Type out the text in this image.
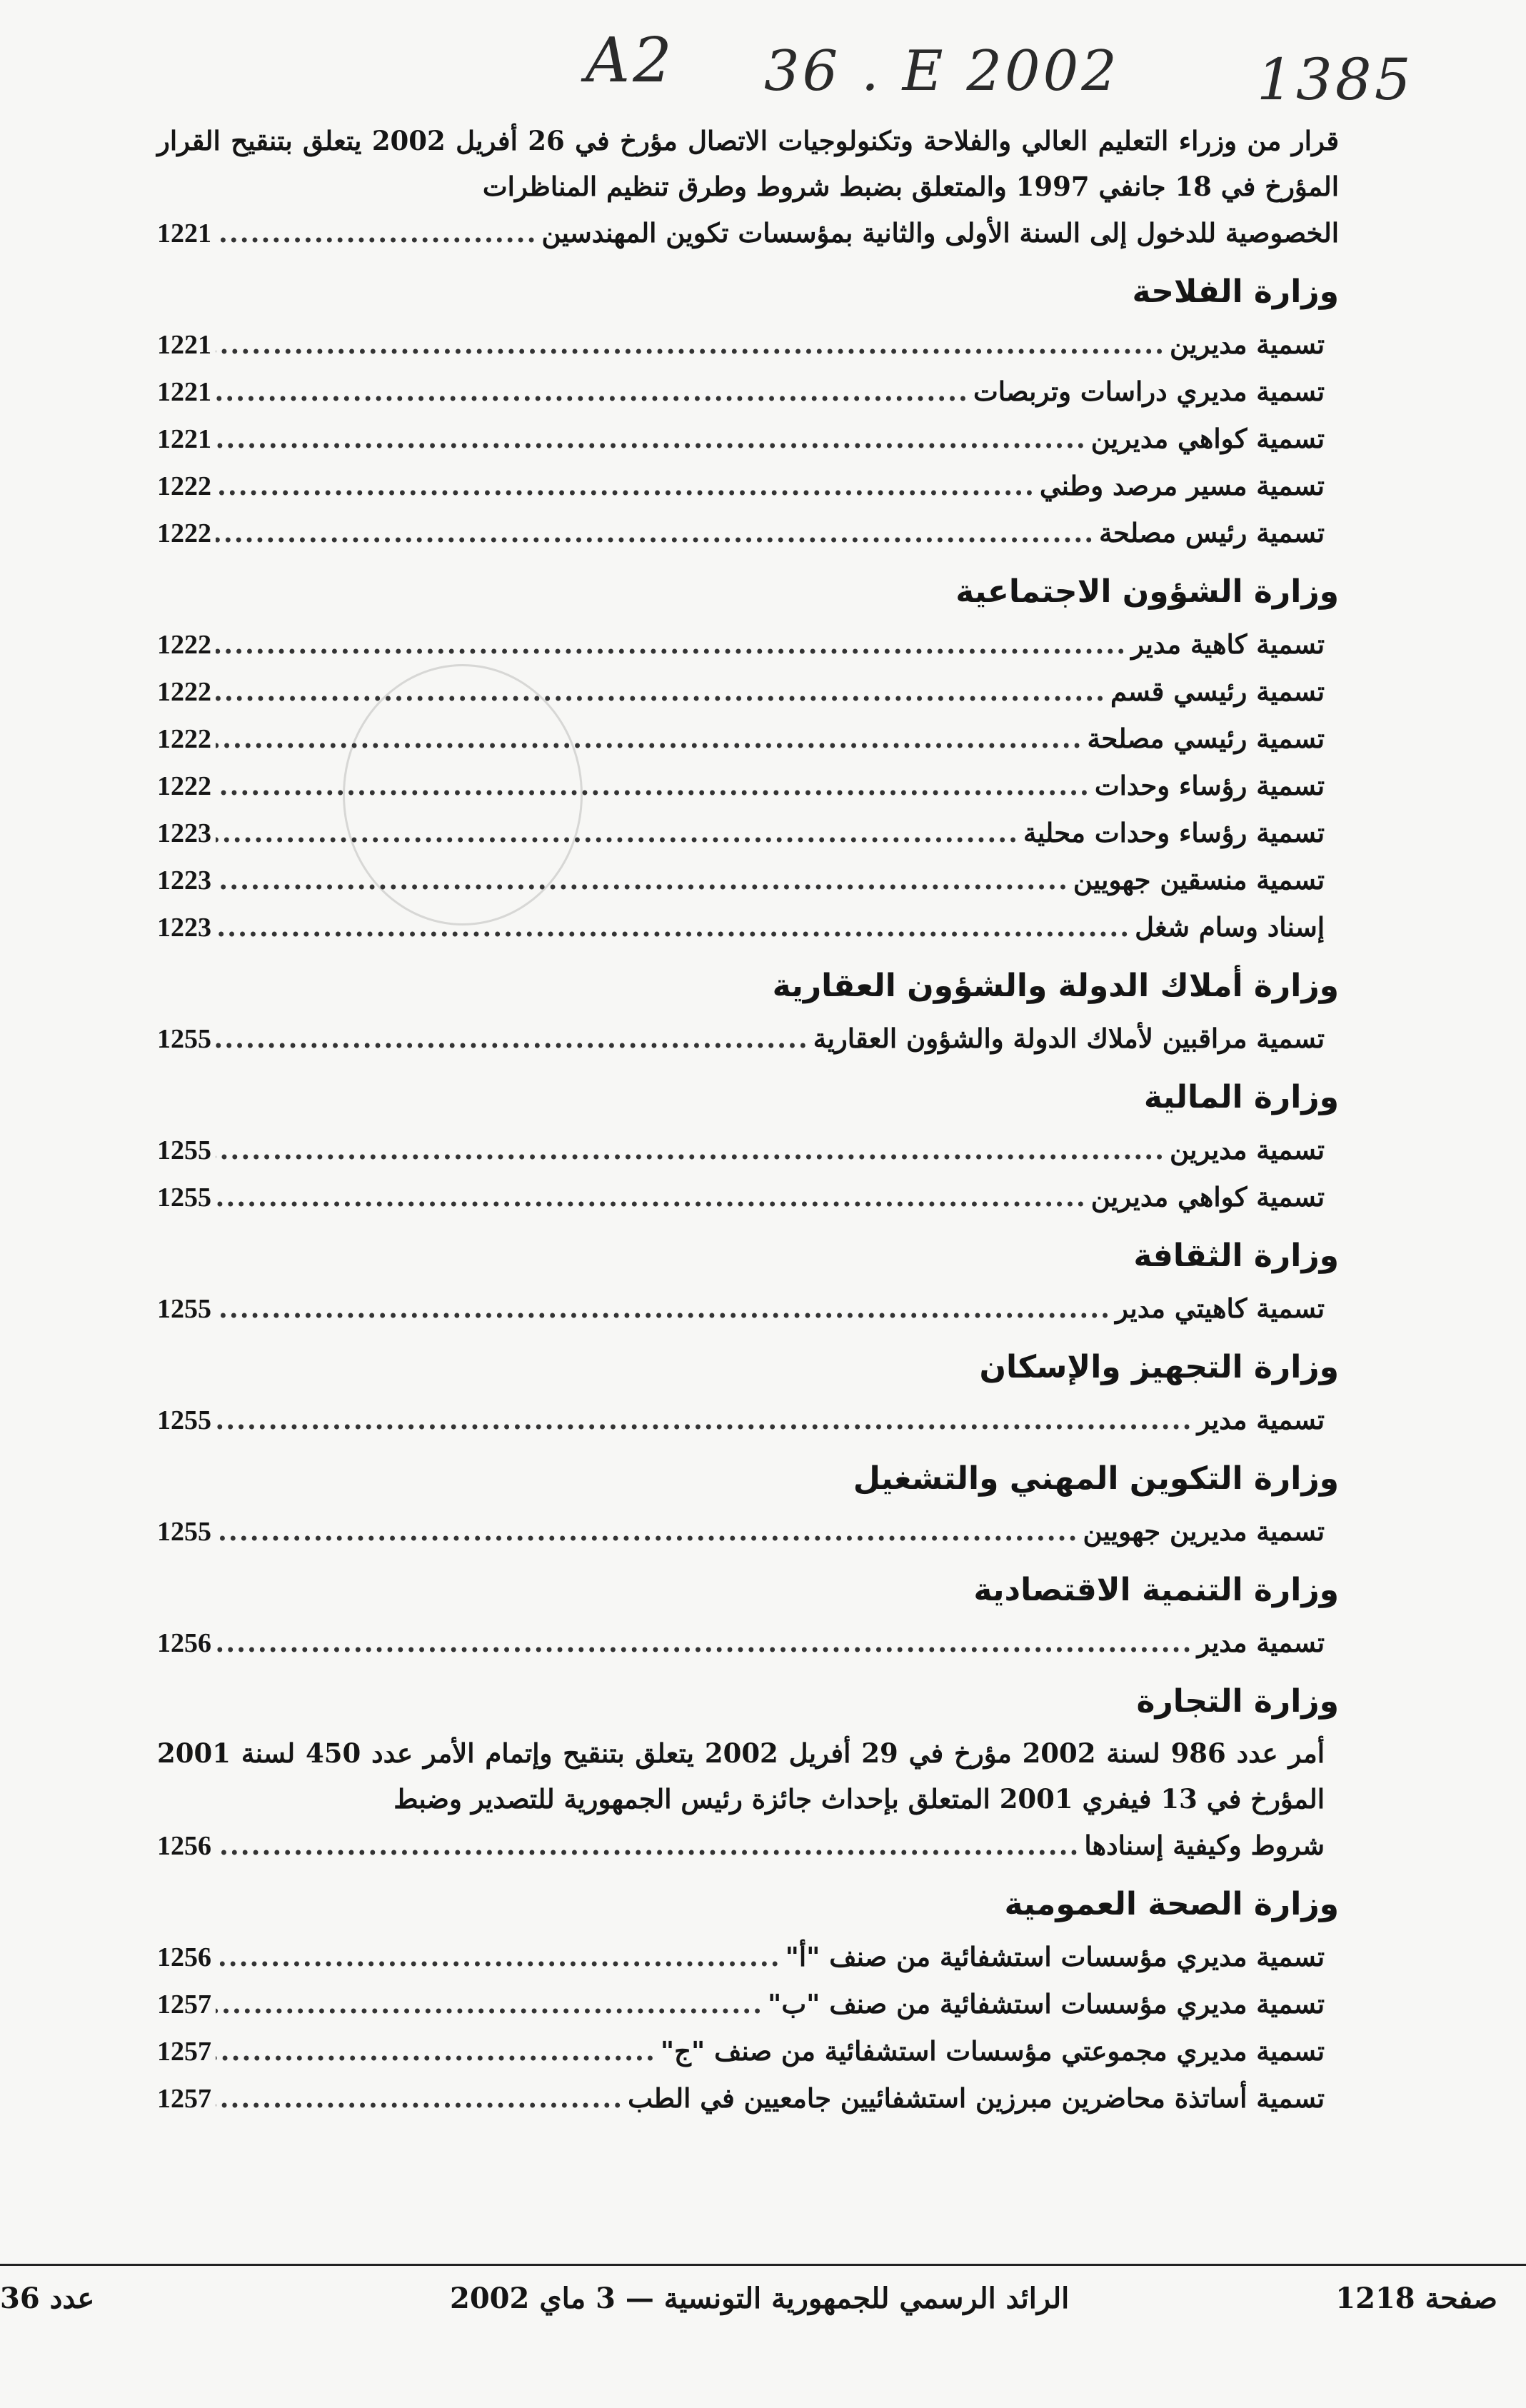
A2 36 . E 2002 1385
قرار من وزراء التعليم العالي والفلاحة وتكنولوجيات الاتصال مؤرخ في 26 أفريل 2002 يتعلق بتنقيح القرار المؤرخ في 18 جانفي 1997 والمتعلق بضبط شروط وطرق تنظيم المناظرات
الخصوصية للدخول إلى السنة الأولى والثانية بمؤسسات تكوين المهندسين
.....
1221
وزارة الفلاحة
تسمية مديرين
.....
1221
تسمية مديري دراسات وتربصات
.....
1221
تسمية كواهي مديرين
.....
1221
تسمية مسير مرصد وطني
.....
1222
تسمية رئيس مصلحة
.....
1222
وزارة الشؤون الاجتماعية
تسمية كاهية مدير
.....
1222
تسمية رئيسي قسم
.....
1222
تسمية رئيسي مصلحة
.....
1222
تسمية رؤساء وحدات
.....
1222
تسمية رؤساء وحدات محلية
.....
1223
تسمية منسقين جهويين
.....
1223
إسناد وسام شغل
.....
1223
وزارة أملاك الدولة والشؤون العقارية
تسمية مراقبين لأملاك الدولة والشؤون العقارية
.....
1255
وزارة المالية
تسمية مديرين
.....
1255
تسمية كواهي مديرين
.....
1255
وزارة الثقافة
تسمية كاهيتي مدير
.....
1255
وزارة التجهيز والإسكان
تسمية مدير
.....
1255
وزارة التكوين المهني والتشغيل
تسمية مديرين جهويين
.....
1255
وزارة التنمية الاقتصادية
تسمية مدير
.....
1256
وزارة التجارة
أمر عدد 986 لسنة 2002 مؤرخ في 29 أفريل 2002 يتعلق بتنقيح وإتمام الأمر عدد 450 لسنة 2001 المؤرخ في 13 فيفري 2001 المتعلق بإحداث جائزة رئيس الجمهورية للتصدير وضبط
شروط وكيفية إسنادها
.....
1256
وزارة الصحة العمومية
تسمية مديري مؤسسات استشفائية من صنف "أ"
.....
1256
تسمية مديري مؤسسات استشفائية من صنف "ب"
.....
1257
تسمية مديري مجموعتي مؤسسات استشفائية من صنف "ج"
.....
1257
تسمية أساتذة محاضرين مبرزين استشفائيين جامعيين في الطب
.....
1257
صفحة 1218
الرائد الرسمي للجمهورية التونسية — 3 ماي 2002
عدد 36
